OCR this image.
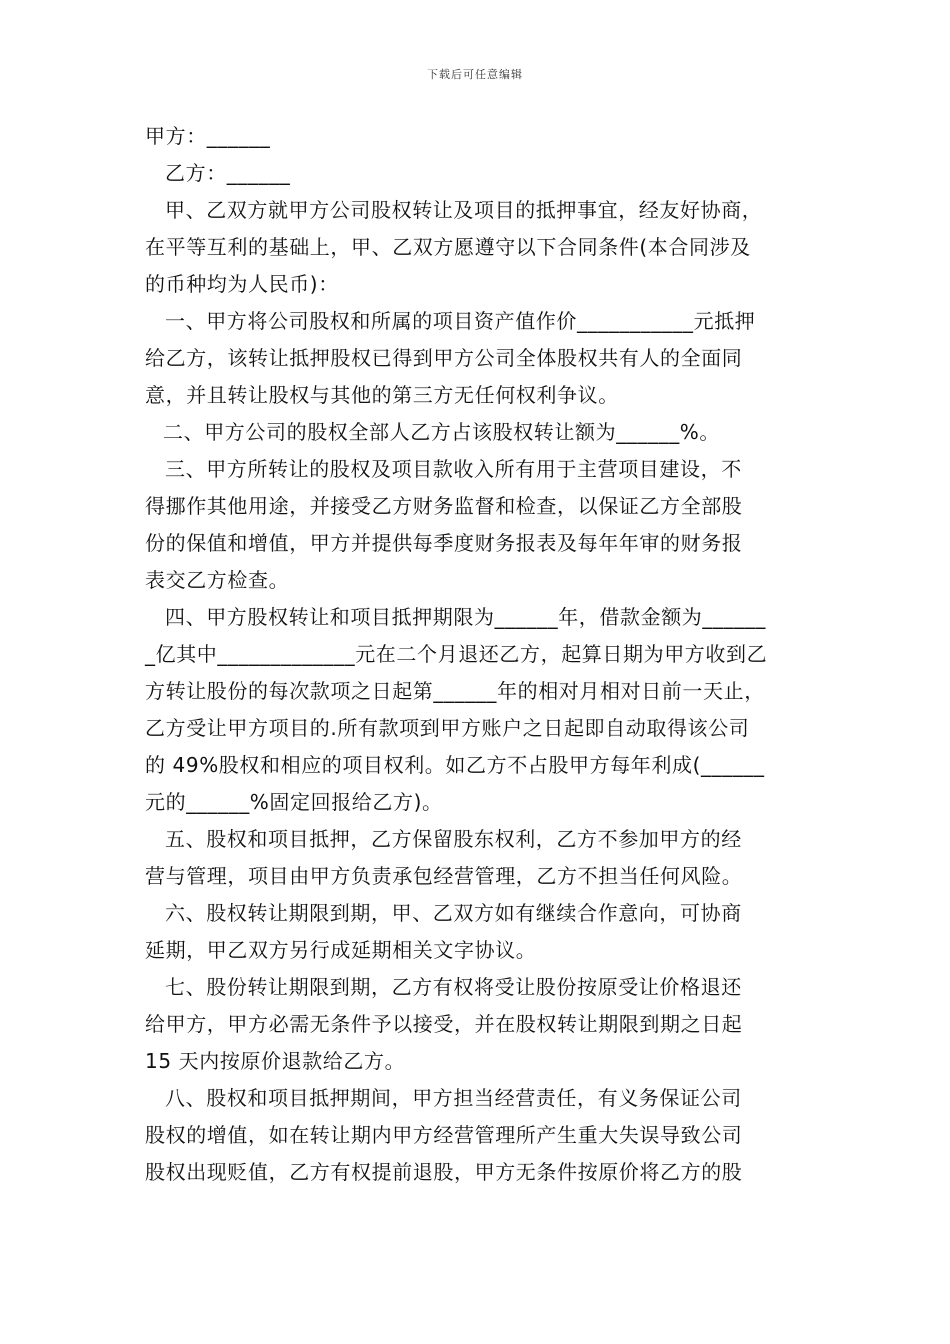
下载后可任意编辑
甲方：______
乙方：______
甲、乙双方就甲方公司股权转让及项目的抵押事宜，经友好协商，
在平等互利的基础上，甲、乙双方愿遵守以下合同条件(本合同涉及
的币种均为人民币)：
一、甲方将公司股权和所属的项目资产值作价___________元抵押
给乙方，该转让抵押股权已得到甲方公司全体股权共有人的全面同
意，并且转让股权与其他的第三方无任何权利争议。
二、甲方公司的股权全部人乙方占该股权转让额为______%。
三、甲方所转让的股权及项目款收入所有用于主营项目建设，不
得挪作其他用途，并接受乙方财务监督和检查，以保证乙方全部股
份的保值和增值，甲方并提供每季度财务报表及每年年审的财务报
表交乙方检查。
四、甲方股权转让和项目抵押期限为______年，借款金额为______
_亿其中_____________元在二个月退还乙方，起算日期为甲方收到乙
方转让股份的每次款项之日起第______年的相对月相对日前一天止，
乙方受让甲方项目的.所有款项到甲方账户之日起即自动取得该公司
的 49%股权和相应的项目权利。如乙方不占股甲方每年利成(______
元的______%固定回报给乙方)。
五、股权和项目抵押，乙方保留股东权利，乙方不参加甲方的经
营与管理，项目由甲方负责承包经营管理，乙方不担当任何风险。
六、股权转让期限到期，甲、乙双方如有继续合作意向，可协商
延期，甲乙双方另行成延期相关文字协议。
七、股份转让期限到期，乙方有权将受让股份按原受让价格退还
给甲方，甲方必需无条件予以接受，并在股权转让期限到期之日起
15 天内按原价退款给乙方。
八、股权和项目抵押期间，甲方担当经营责任，有义务保证公司
股权的增值，如在转让期内甲方经营管理所产生重大失误导致公司
股权出现贬值，乙方有权提前退股，甲方无条件按原价将乙方的股
